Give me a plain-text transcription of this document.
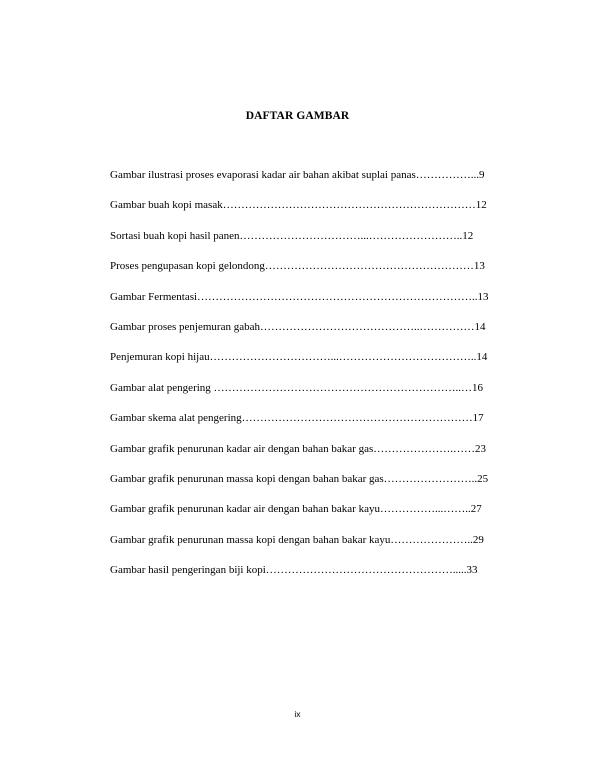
DAFTAR GAMBAR
Gambar ilustrasi proses evaporasi kadar air bahan akibat suplai panas……………...9
Gambar buah kopi masak……………………………………………………………12
Sortasi buah kopi hasil panen……………………………...……………………..12
Proses pengupasan kopi gelondong…………………………………………………13
Gambar Fermentasi…………………………………………………………………..13
Gambar proses penjemuran gabah……………………………………..……………14
Penjemuran kopi hijau……………………………...………………………………..14
Gambar alat pengering …………………………………………………………..…16
Gambar skema alat pengering………………………………………………………17
Gambar grafik penurunan kadar air dengan bahan bakar gas………………….……23
Gambar grafik penurunan massa kopi dengan bahan bakar gas……………………..25
Gambar grafik penurunan kadar air dengan bahan bakar kayu……………...……..27
Gambar grafik penurunan massa kopi dengan bahan bakar kayu…………………..29
Gambar hasil pengeringan biji kopi…………………………………………….....33
ix
